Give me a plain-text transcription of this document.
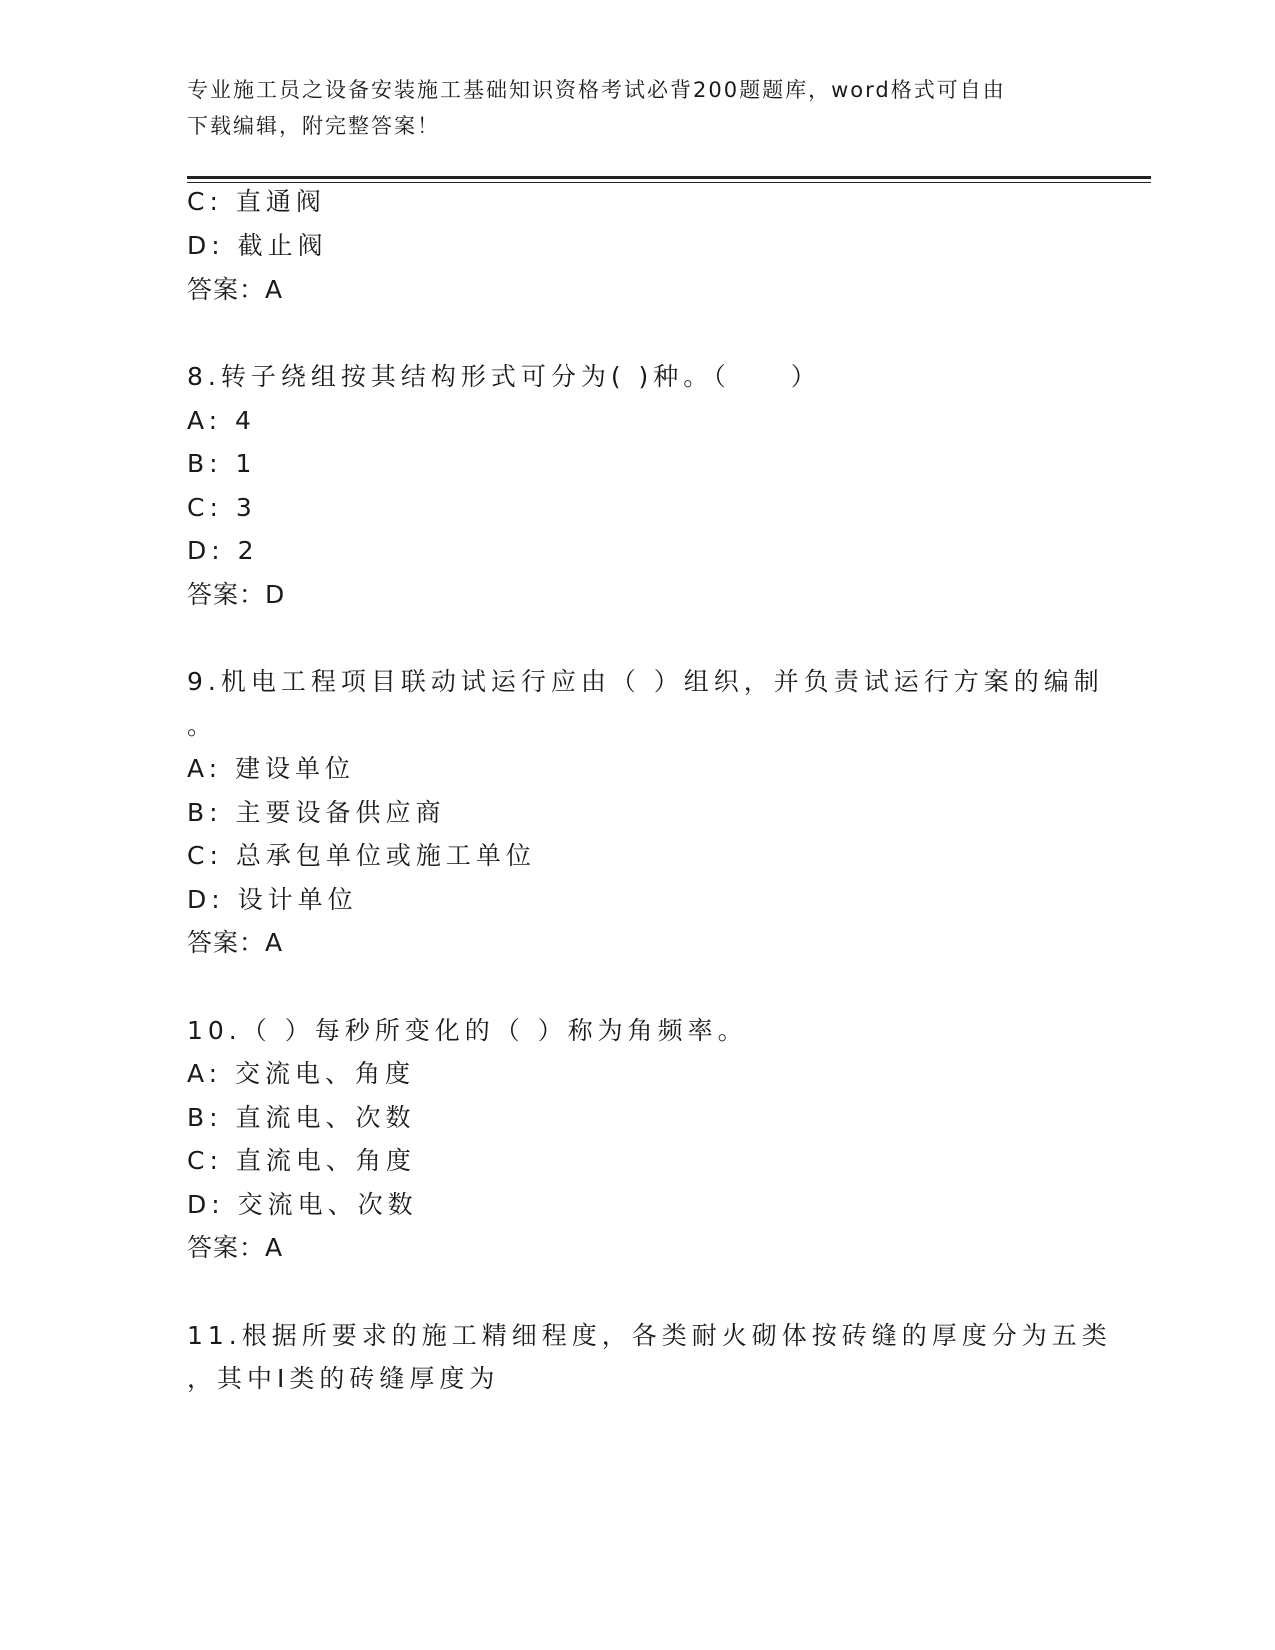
专业施工员之设备安装施工基础知识资格考试必背200题题库，word格式可自由
下载编辑，附完整答案！
C: 直通阀
D: 截止阀
答案：A
8.转子绕组按其结构形式可分为( )种。（　　）
A: 4
B: 1
C: 3
D: 2
答案：D
9.机电工程项目联动试运行应由（ ）组织，并负责试运行方案的编制
。
A: 建设单位
B: 主要设备供应商
C: 总承包单位或施工单位
D: 设计单位
答案：A
10.（ ）每秒所变化的（ ）称为角频率。
A: 交流电、角度
B: 直流电、次数
C: 直流电、角度
D: 交流电、次数
答案：A
11.根据所要求的施工精细程度，各类耐火砌体按砖缝的厚度分为五类
，其中Ⅰ类的砖缝厚度为
